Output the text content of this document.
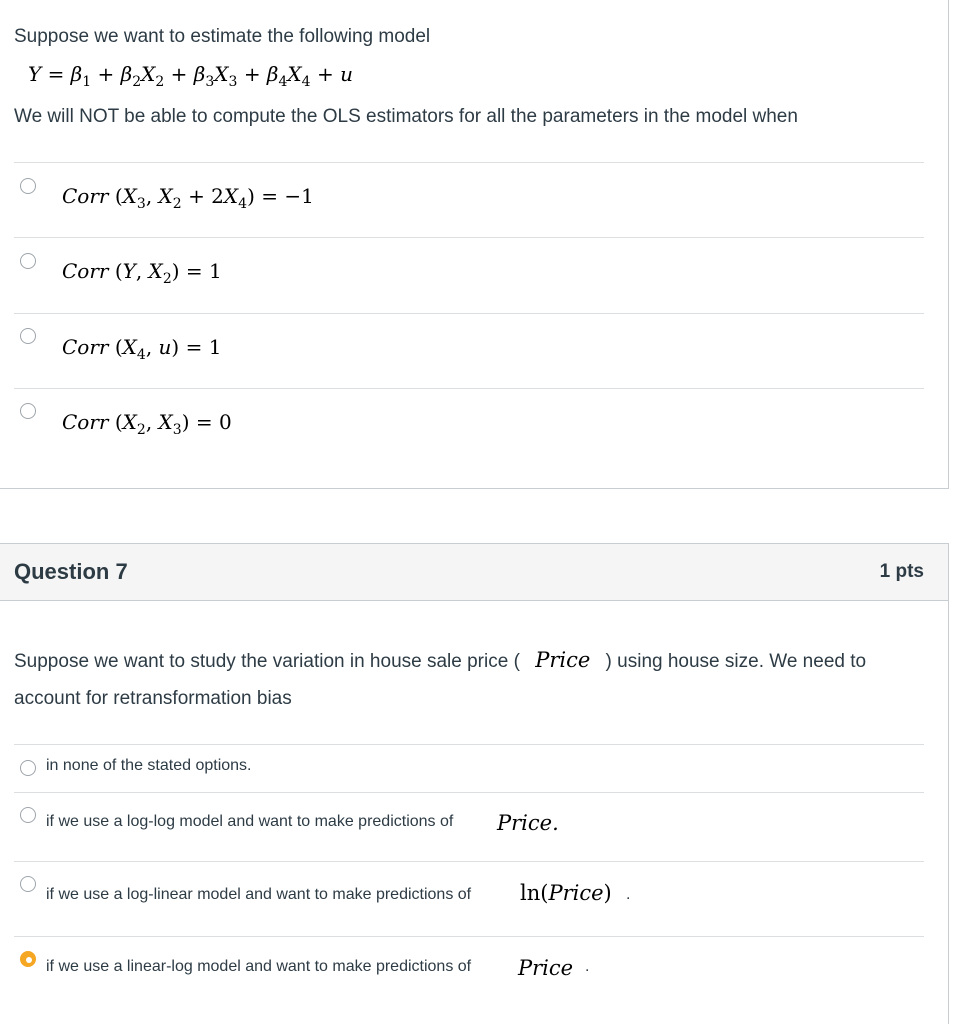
Suppose we want to estimate the following model
$Y = \beta_1 + \beta_2X_2 + \beta_3X_3 + \beta_4X_4 + u$
We will NOT be able to compute the OLS estimators for all the parameters in the model when
Corr ($X_3$, $X_2 + 2X_4) = -1$
Corr (Y, $X_2) = 1$
Corr ($X_4$, u) = 1
Corr ($X_2$, $X_3) = 0$
Question 7	1 pts
Suppose we want to study the variation in house sale price ( Price ) using house size. We need to
account for retransformation bias
in none of the stated options.
if we use a log-log model and want to make predictions of Price.
if we use a log-linear model and want to make predictions of ln(Price) .
if we use a linear-log model and want to make predictions of Price .
